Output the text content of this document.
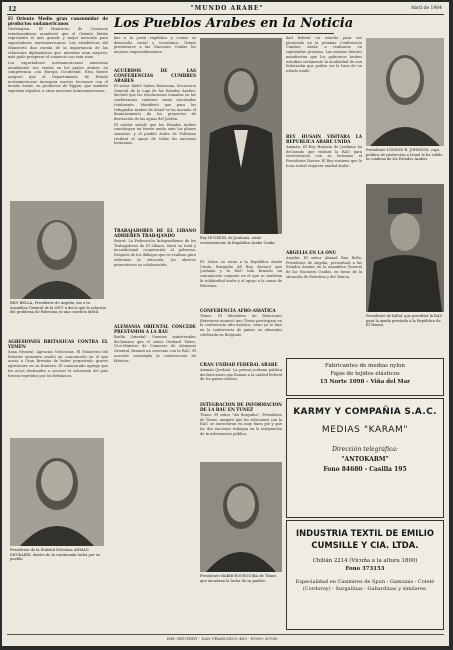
12	"MUNDO ARABE"	Abril de 1964
Los Pueblos Arabes en la Noticia

El Oriente Medio gran consumidor de productos sudamericanos

Washington: El Ministerio de Comercio estadounidense manifestó que el Oriente Medio representa el más grande y mejor mercado para exportadores norteamericanos. Las estadísticas del Ministerio dan cuenta de la importancia de las relaciones diplomáticas que, mientras eran mejores, más pudo prosperar el comercio con esta zona.

Los exportadores norteamericanos aumentan anualmente sus ventas en los países árabes, en competencia con Europa Occidental. Esta fuente aseguró que el Departamento de Estado norteamericano incorpora nuevas lecciones con el mundo árabe, en productos de Egipto, que también exportan algodón, a otras naciones latinoamericanas.

BEN BELLA, Presidente de Argelia, fue a la Asamblea General de la ONU a decir que la solución del problema de Palestina es una cuestión difícil.

AGRESIONES BRITANICAS CONTRA EL YEMEN

Sana (Yemen): Agencias Noticiosas. El Ministerio del Exterior yemenita emitió un comunicado en el que acusa a Gran Bretaña de haber perpetrado graves agresiones en su frontera. El comunicado agrega que los actos destinados a socavar la soberanía del país fueron repetidos por los británicos.

Presidente de la Entidad Palestina AHMAD SHUKAIRE, dentro de la continuada lucha por su pueblo.
dar a la joven república y contar su desarrollo social y económico. Vemos presentarse a las Naciones Unidas los mejores emprendimientos.

ACUERDOS DE LAS CONFERENCIAS CUMBRES ARABES

El señor Abdel Salem Hassouna, Secretario General de la Liga de los Estados Árabes, declaró que las resoluciones tomadas en las conferencias cumbres serán ejecutadas totalmente. Manifestó que para los refugiados árabes de Israel se ha iniciado el financiamiento de los proyectos de desviación de las aguas del Jordán.

El orador señaló que los Estados árabes constituyen un frente unido ante los planes sionistas, y el pueblo árabe de Palestina recibirá el apoyo de todas las naciones hermanas.

TRABAJADORES DE EL LIBANO ADHIEREN TRABAJANDO

Beirut: La Federación Independiente de los Trabajadores de El Líbano, elevó su total y incondicional cooperación al gobierno. Después de los diálogos que se realizan para enfrentar la situación, los obreros prometieron su colaboración.

ALEMANIA ORIENTAL CONCEDE PRESTAMOS A LA RAU

Berlín Oriental: Fuentes ministeriales declararon que el señor Gerhard Weiss, Vice-Ministro de Comercio de Alemania Oriental, firmará un convenio con la RAU. El acuerdo contempla la construcción de fábricas.

Rey HUSSEIN, de Jordania, visitó recientemente la República Arabe Unida.
El. Sobre su visita a la República Arabe Unida, Burguiba Alí Rey, destacó que Jordania y la RAU han firmado un comunicado conjunto en el que se reafirma la solidaridad árabe y el apoyo a la causa de Palestina.

CONFERENCIA AFRO-ASIATICA

Túnez: El Ministerio de Relaciones Exteriores anunció que Túnez participará en la conferencia afro-asiática, como ya lo hizo en la conferencia de países no alineados celebrada en Belgrado.

CRAN UNIDAD FEDERAL ARABE

Ammán (Jordan): La prensa jordana publica declaraciones que llaman a la unidad federal de los países árabes.

INTEGRACION DE INFORMACION DE LA RAU EN TUNEZ

Túnez: El señor "Ali Borguiba", Presidente de Túnez, aseguró que las relaciones con la RAU se encuentran en muy buen pie y que las dos naciones trabajan en la integración de la información pública.

Presidente HABIB BOURGUIBA de Túnez, que encabeza la lucha de su pueblo.
dad federal en estudio para ser planteada en la próxima Conferencia Cumbre Árabe a realizarse en septiembre próximo. Las mismas fuentes manifiestan que los gobiernos árabes estudian seriamente la modalidad de una federación que podría ser la base de un estado unido.

REY HUSAIN VISITARA LA REPUBLICA ARABE UNIDA

Ammán: El Rey Hussein de Jordania ha declarado que visitará la RAU para entrevistarse con su hermano el Presidente Nasser. El Rey sostiene que la hora actual requiere unidad árabe.

ARGELIA EN LA ONU

Argelia: El señor Ahmad Ben Bella, Presidente de Argelia, presentará a las Estados Árabes en la Asamblea General de las Naciones Unidas, en torno de la situación de Palestina y del Yemen.

Presidente LYNDON B. JOHNSON, cuya política de protección a Israel le ha valido la condena de los Estados Árabes.
Presidente Al-Sallal, que presidirá la RAU para la ayuda prestada a la República de El Yemen.
Fabricantes de medias nylon
Fajas de tejidos elásticos
15 Norte 1098 - Viña del Mar
KARMY Y COMPAÑIA S.A.C.
MEDIAS "KARAM"
Dirección telegráfica:
"ANTOKARM"
Fono 84680 - Casilla 195
INDUSTRIA TEXTIL DE EMILIO CUMSILLE Y CIA. LTDA.
Chillán 2214 (Vicuña a la altura 1800)
Fono 373153
Especialidad en Casimires de Spun - Gamuzas - Cotelé (Corduroy) - Surgalinas - Gabardinas y similares.
IMP. NEUPERT - SAN FRANCISCO 489 - FONO 30780
